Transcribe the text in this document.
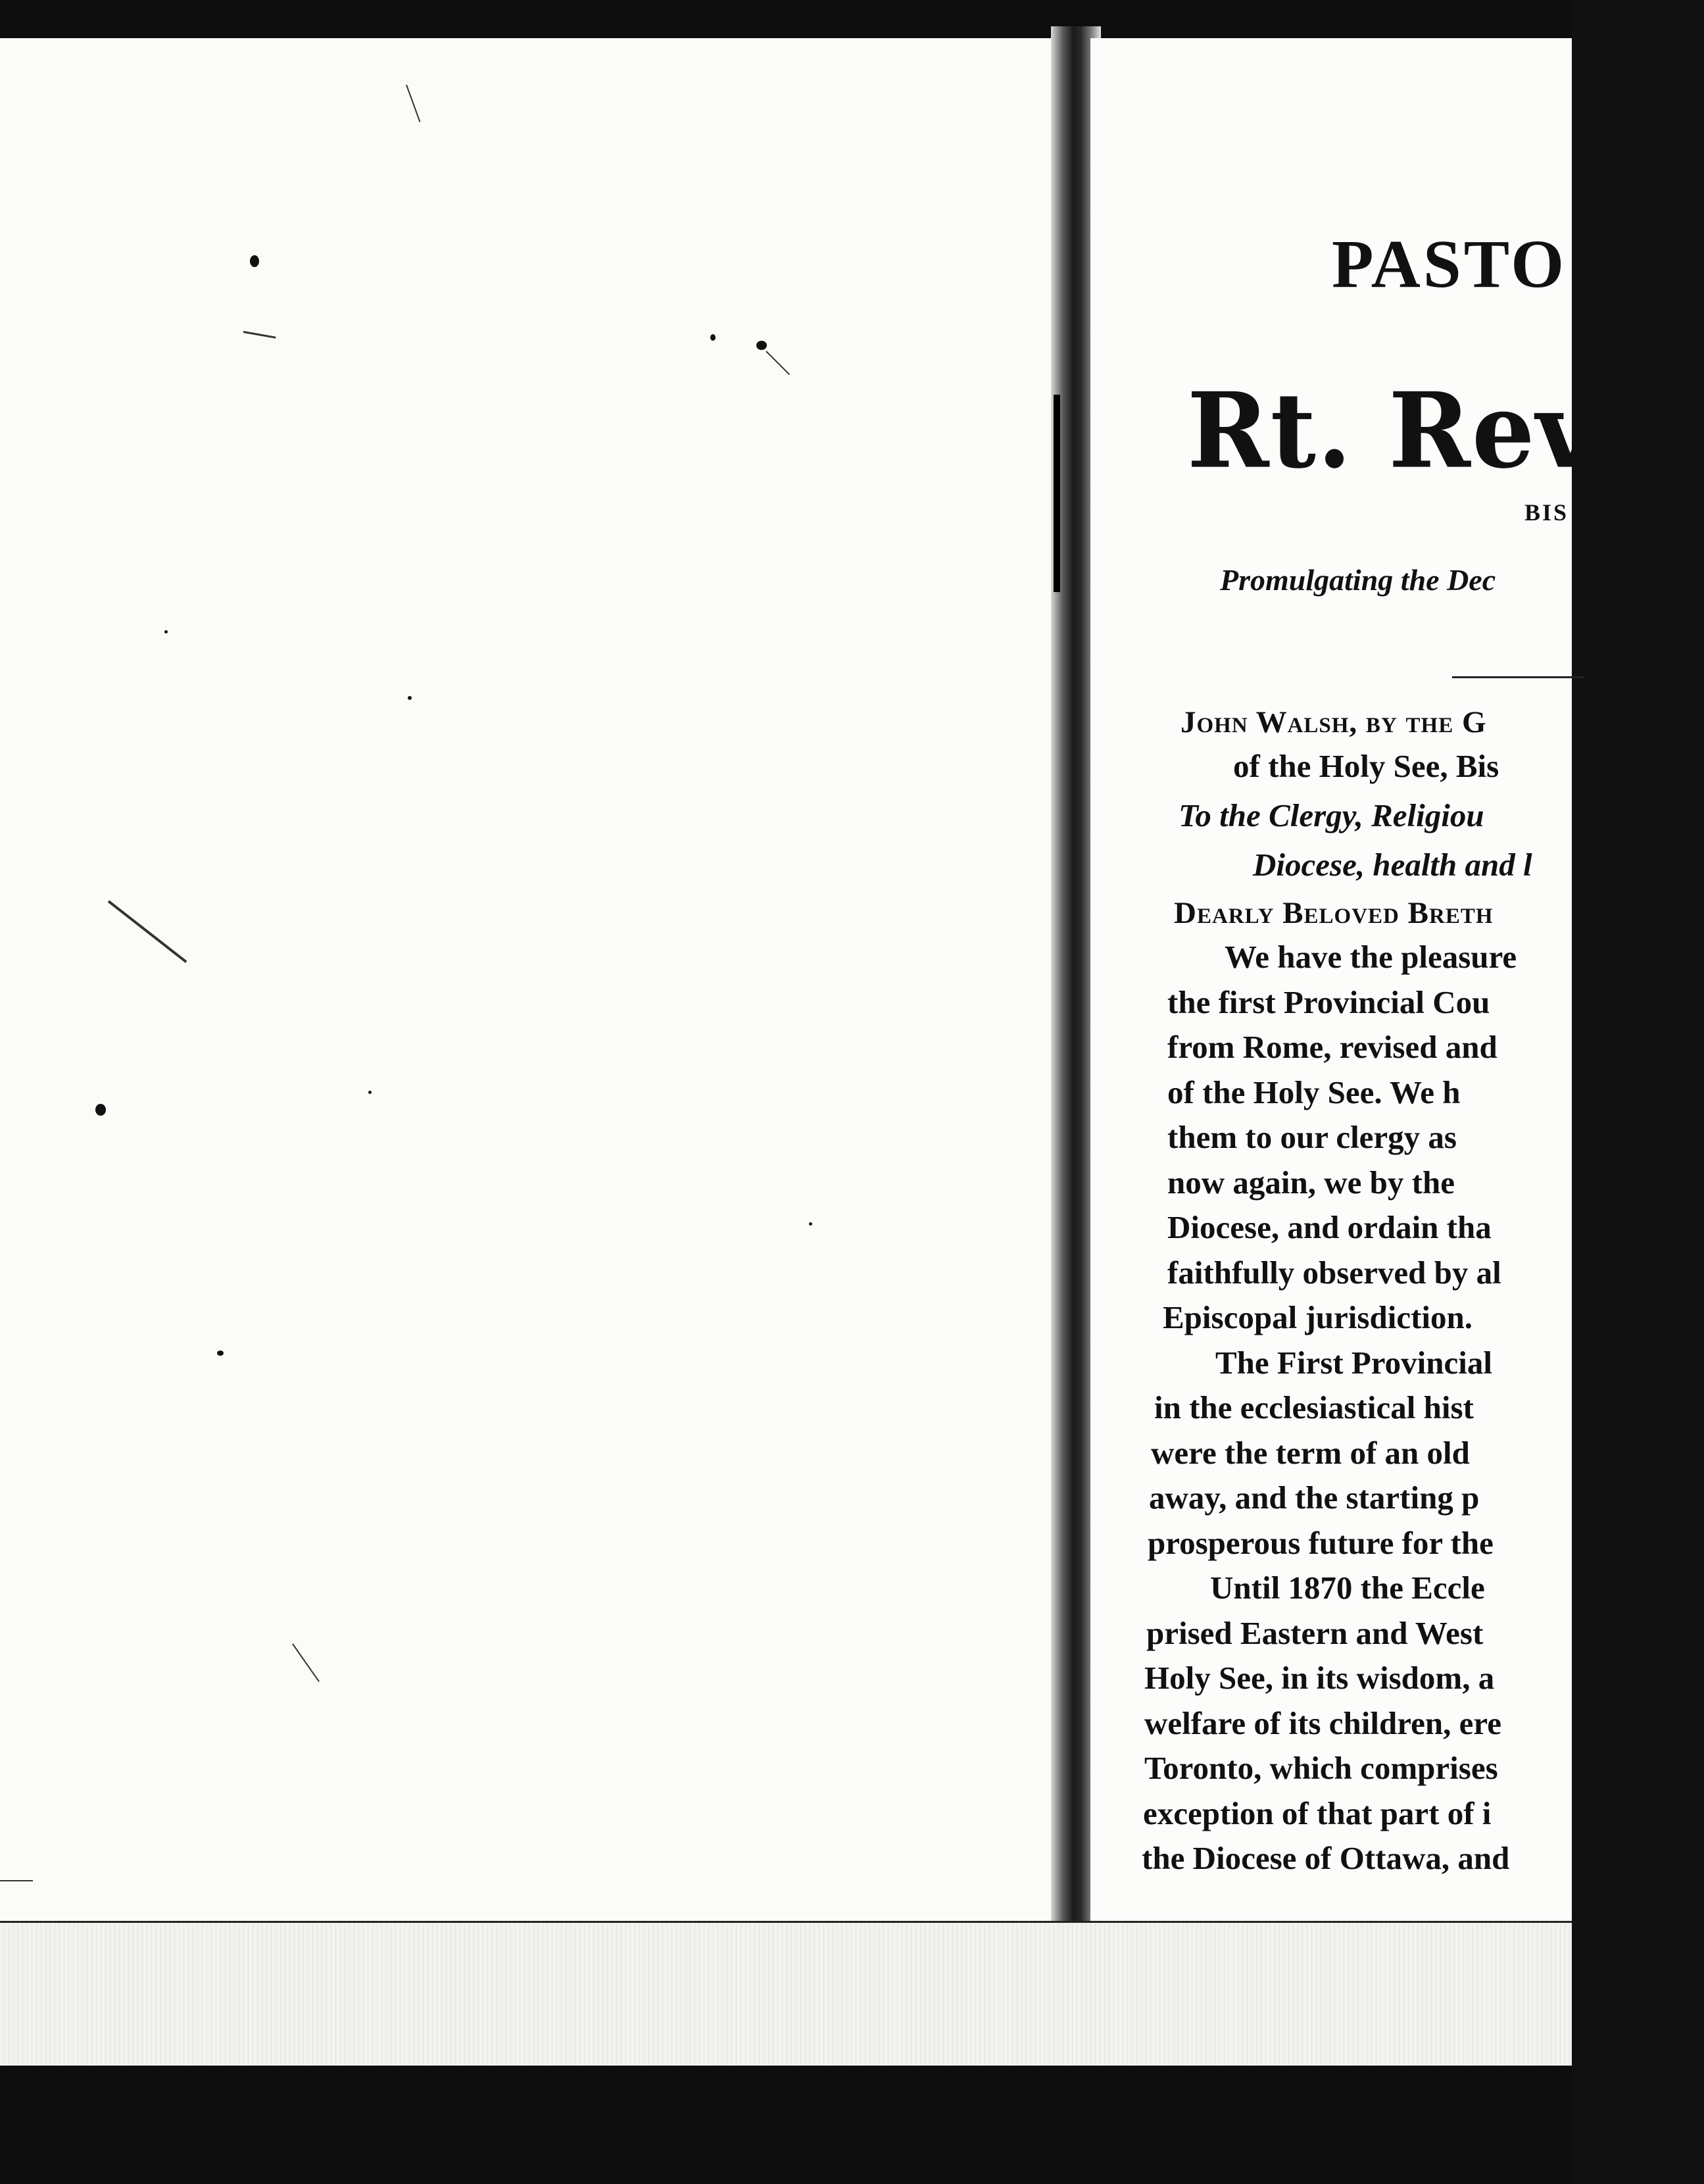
PASTO
Rt. Rev. J
BIS
Promulgating the Dec
John Walsh, by the G
of the Holy See, Bis
To the Clergy, Religiou
Diocese, health and l
Dearly Beloved Breth
We have the pleasure
the first Provincial Cou
from Rome, revised and
of the Holy See. We h
them to our clergy as
now again, we by the
Diocese, and ordain tha
faithfully observed by al
Episcopal jurisdiction.
The First Provincial
in the ecclesiastical hist
were the term of an old
away, and the starting p
prosperous future for the
Until 1870 the Eccle
prised Eastern and West
Holy See, in its wisdom, a
welfare of its children, ere
Toronto, which comprises
exception of that part of i
the Diocese of Ottawa, and
